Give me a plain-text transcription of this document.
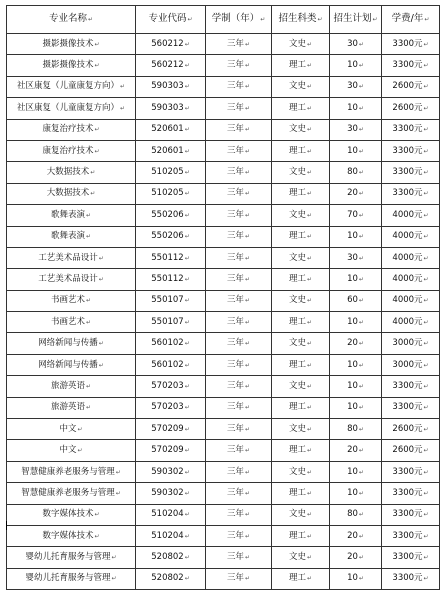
专业名称↵	专业代码↵	学制（年）↵	招生科类↵	招生计划↵	学费/年↵
摄影摄像技术↵	560212↵	三年↵	文史↵	30↵	3300元↵
摄影摄像技术↵	560212↵	三年↵	理工↵	10↵	3300元↵
社区康复（儿童康复方向）↵	590303↵	三年↵	文史↵	30↵	2600元↵
社区康复（儿童康复方向）↵	590303↵	三年↵	理工↵	10↵	2600元↵
康复治疗技术↵	520601↵	三年↵	文史↵	30↵	3300元↵
康复治疗技术↵	520601↵	三年↵	理工↵	10↵	3300元↵
大数据技术↵	510205↵	三年↵	文史↵	80↵	3300元↵
大数据技术↵	510205↵	三年↵	理工↵	20↵	3300元↵
歌舞表演↵	550206↵	三年↵	文史↵	70↵	4000元↵
歌舞表演↵	550206↵	三年↵	理工↵	10↵	4000元↵
工艺美术品设计↵	550112↵	三年↵	文史↵	30↵	4000元↵
工艺美术品设计↵	550112↵	三年↵	理工↵	10↵	4000元↵
书画艺术↵	550107↵	三年↵	文史↵	60↵	4000元↵
书画艺术↵	550107↵	三年↵	理工↵	10↵	4000元↵
网络新闻与传播↵	560102↵	三年↵	文史↵	20↵	3000元↵
网络新闻与传播↵	560102↵	三年↵	理工↵	10↵	3000元↵
旅游英语↵	570203↵	三年↵	文史↵	10↵	3300元↵
旅游英语↵	570203↵	三年↵	理工↵	10↵	3300元↵
中文↵	570209↵	三年↵	文史↵	80↵	2600元↵
中文↵	570209↵	三年↵	理工↵	20↵	2600元↵
智慧健康养老服务与管理↵	590302↵	三年↵	文史↵	10↵	3300元↵
智慧健康养老服务与管理↵	590302↵	三年↵	理工↵	10↵	3300元↵
数字媒体技术↵	510204↵	三年↵	文史↵	80↵	3300元↵
数字媒体技术↵	510204↵	三年↵	理工↵	20↵	3300元↵
婴幼儿托育服务与管理↵	520802↵	三年↵	文史↵	20↵	3300元↵
婴幼儿托育服务与管理↵	520802↵	三年↵	理工↵	10↵	3300元↵
